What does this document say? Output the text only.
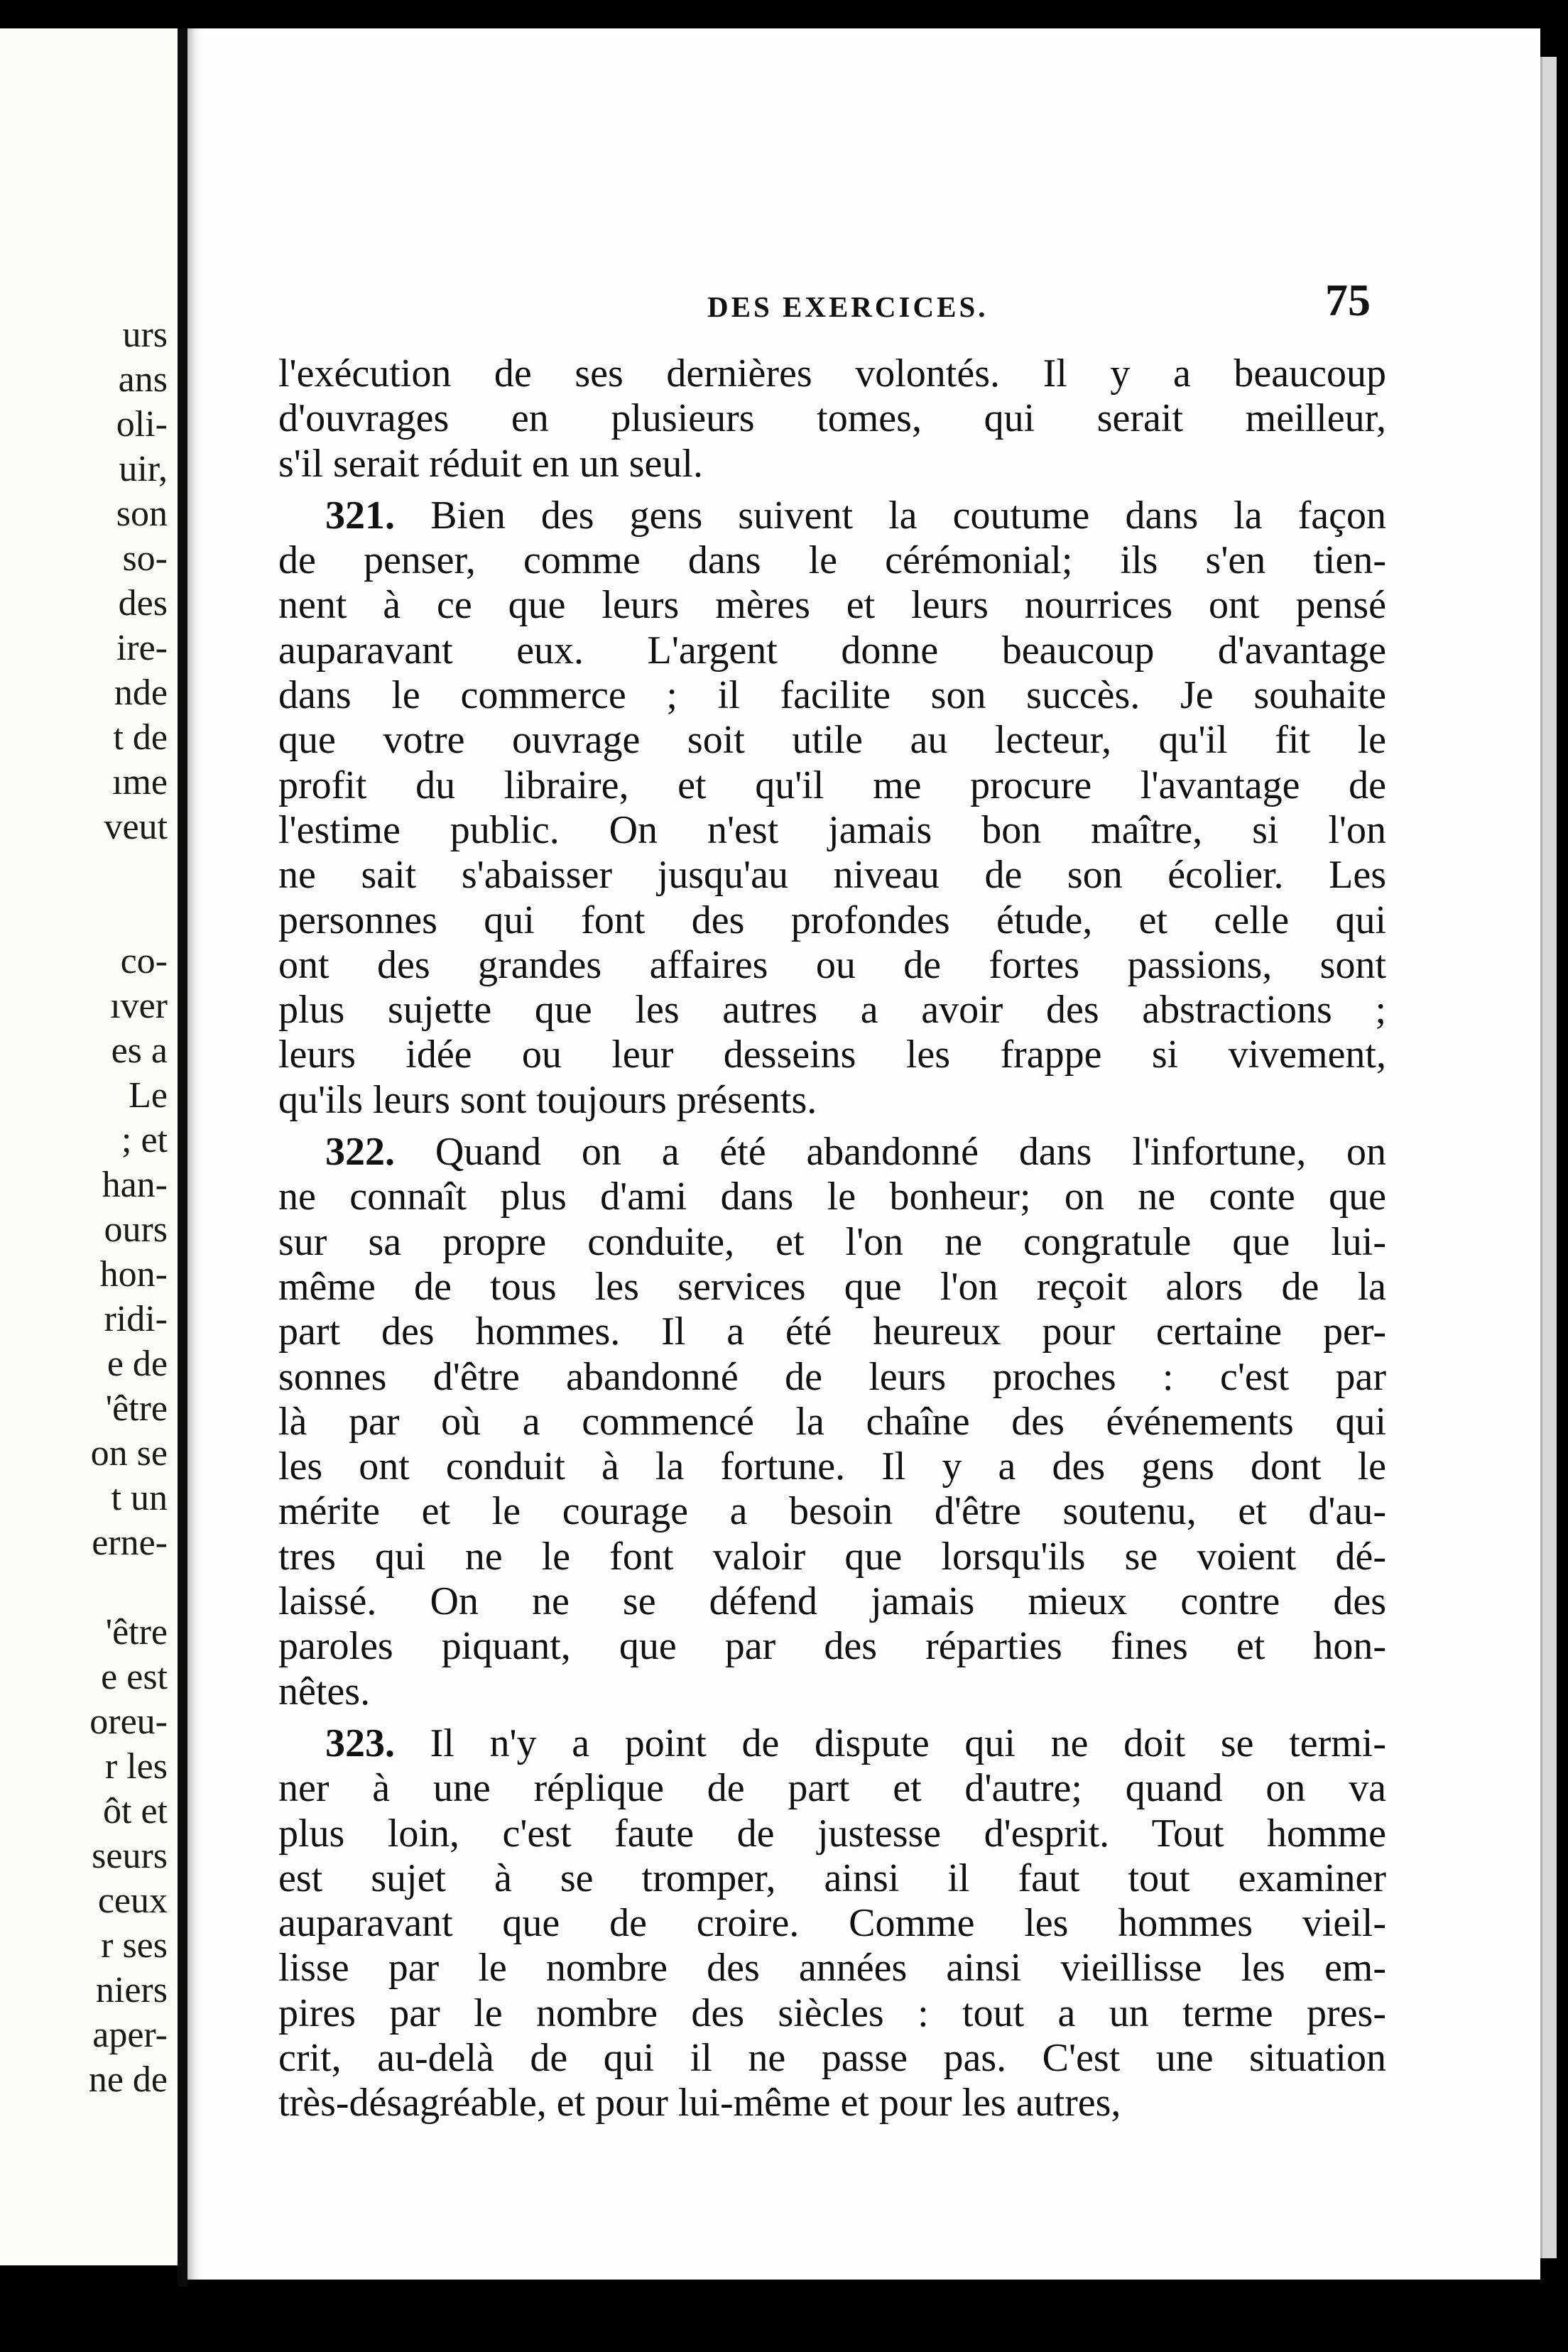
urs
ans
oli-
uir,
son
so-
des
ire-
nde
t de
ıme
veut
co-
ıver
es a
Le
; et
han-
ours
hon-
ridi-
e de
'être
on se
t un
erne-
'être
e est
oreu-
r les
ôt et
seurs
ceux
r ses
niers
aper-
ne de
DES EXERCICES.	75
l'exécution de ses dernières volontés. Il y a beaucoup
d'ouvrages en plusieurs tomes, qui serait meilleur,
s'il serait réduit en un seul.
321. Bien des gens suivent la coutume dans la façon
de penser, comme dans le cérémonial; ils s'en tien-
nent à ce que leurs mères et leurs nourrices ont pensé
auparavant eux. L'argent donne beaucoup d'avantage
dans le commerce ; il facilite son succès. Je souhaite
que votre ouvrage soit utile au lecteur, qu'il fit le
profit du libraire, et qu'il me procure l'avantage de
l'estime public. On n'est jamais bon maître, si l'on
ne sait s'abaisser jusqu'au niveau de son écolier. Les
personnes qui font des profondes étude, et celle qui
ont des grandes affaires ou de fortes passions, sont
plus sujette que les autres a avoir des abstractions ;
leurs idée ou leur desseins les frappe si vivement,
qu'ils leurs sont toujours présents.
322. Quand on a été abandonné dans l'infortune, on
ne connaît plus d'ami dans le bonheur; on ne conte que
sur sa propre conduite, et l'on ne congratule que lui-
même de tous les services que l'on reçoit alors de la
part des hommes. Il a été heureux pour certaine per-
sonnes d'être abandonné de leurs proches : c'est par
là par où a commencé la chaîne des événements qui
les ont conduit à la fortune. Il y a des gens dont le
mérite et le courage a besoin d'être soutenu, et d'au-
tres qui ne le font valoir que lorsqu'ils se voient dé-
laissé. On ne se défend jamais mieux contre des
paroles piquant, que par des réparties fines et hon-
nêtes.
323. Il n'y a point de dispute qui ne doit se termi-
ner à une réplique de part et d'autre; quand on va
plus loin, c'est faute de justesse d'esprit. Tout homme
est sujet à se tromper, ainsi il faut tout examiner
auparavant que de croire. Comme les hommes vieil-
lisse par le nombre des années ainsi vieillisse les em-
pires par le nombre des siècles : tout a un terme pres-
crit, au-delà de qui il ne passe pas. C'est une situation
très-désagréable, et pour lui-même et pour les autres,
